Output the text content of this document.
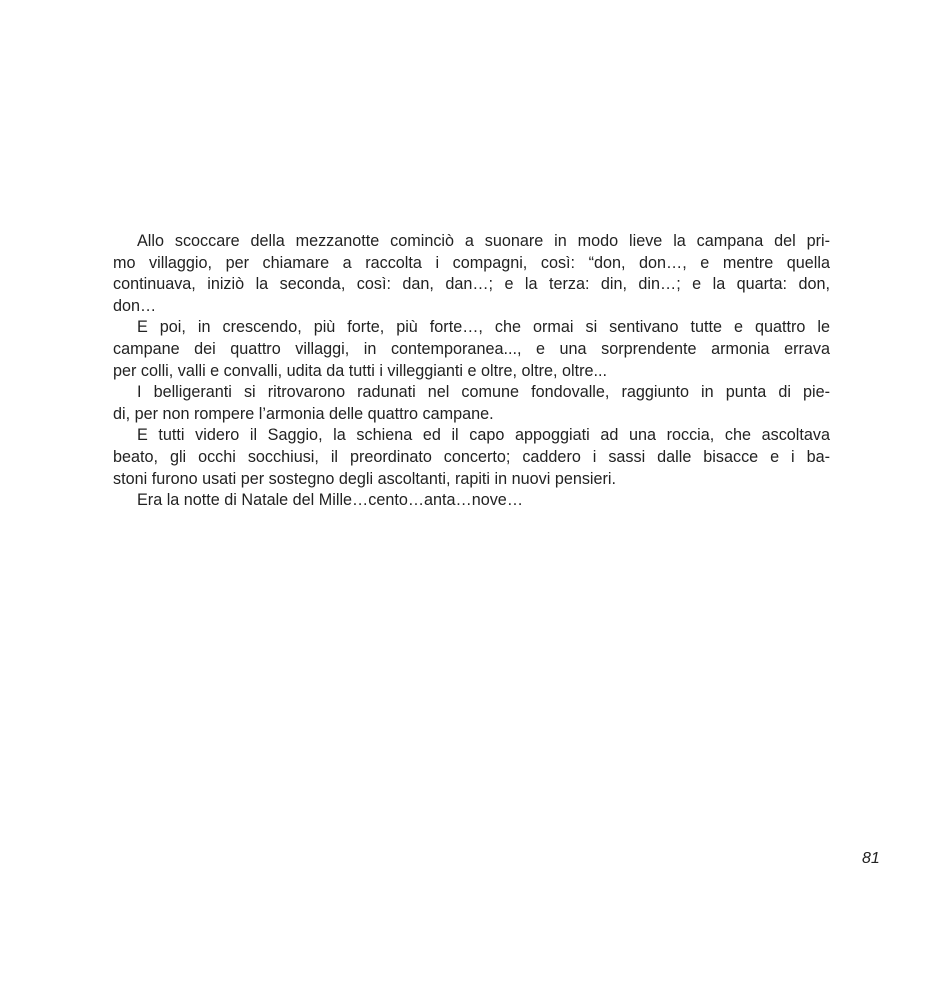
Allo scoccare della mezzanotte cominciò a suonare in modo lieve la campana del pri-
mo villaggio, per chiamare a raccolta i compagni, così: “don, don…, e mentre quella
continuava, iniziò la seconda, così: dan, dan…; e la terza: din, din…; e la quarta: don,
don…
E poi, in crescendo, più forte, più forte…, che ormai si sentivano tutte e quattro le
campane dei quattro villaggi, in contemporanea..., e una sorprendente armonia errava
per colli, valli e convalli, udita da tutti i villeggianti e oltre, oltre, oltre...
I belligeranti si ritrovarono radunati nel comune fondovalle, raggiunto in punta di pie-
di, per non rompere l’armonia delle quattro campane.
E tutti videro il Saggio, la schiena ed il capo appoggiati ad una roccia, che ascoltava
beato, gli occhi socchiusi, il preordinato concerto; caddero i sassi dalle bisacce e i ba-
stoni furono usati per sostegno degli ascoltanti, rapiti in nuovi pensieri.
Era la notte di Natale del Mille…cento…anta…nove…
81
